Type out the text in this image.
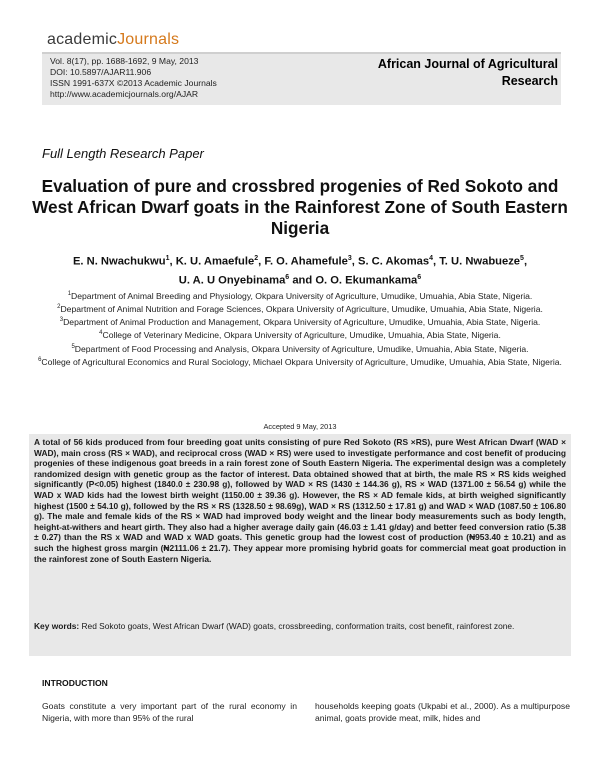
academicJournals
Vol. 8(17), pp. 1688-1692, 9 May, 2013
DOI: 10.5897/AJAR11.906
ISSN 1991-637X ©2013 Academic Journals
http://www.academicjournals.org/AJAR
African Journal of Agricultural
Research
Full Length Research Paper
Evaluation of pure and crossbred progenies of Red Sokoto and West African Dwarf goats in the Rainforest Zone of South Eastern Nigeria
E. N. Nwachukwu$^1$, K. U. Amaefule$^2$, F. O. Ahamefule$^3$, S. C. Akomas$^4$, T. U. Nwabueze$^5$,
U. A. U Onyebinama$^6$ and O. O. Ekumankama$^6$
$^1$Department of Animal Breeding and Physiology, Okpara University of Agriculture, Umudike, Umuahia, Abia State, Nigeria.
$^2$Department of Animal Nutrition and Forage Sciences, Okpara University of Agriculture, Umudike, Umuahia, Abia State, Nigeria.
$^3$Department of Animal Production and Management, Okpara University of Agriculture, Umudike, Umuahia, Abia State, Nigeria.
$^4$College of Veterinary Medicine, Okpara University of Agriculture, Umudike, Umuahia, Abia State, Nigeria.
$^5$Department of Food Processing and Analysis, Okpara University of Agriculture, Umudike, Umuahia, Abia State, Nigeria.
$^6$College of Agricultural Economics and Rural Sociology, Michael Okpara University of Agriculture, Umudike, Umuahia, Abia State, Nigeria.
Accepted 9 May, 2013
A total of 56 kids produced from four breeding goat units consisting of pure Red Sokoto (RS ×RS), pure West African Dwarf (WAD × WAD), main cross (RS × WAD), and reciprocal cross (WAD × RS) were used to investigate performance and cost benefit of producing progenies of these indigenous goat breeds in a rain forest zone of South Eastern Nigeria. The experimental design was a completely randomized design with genetic group as the factor of interest. Data obtained showed that at birth, the male RS × RS kids weighed significantly (P<0.05) highest (1840.0 ± 230.98 g), followed by WAD × RS (1430 ± 144.36 g), RS × WAD (1371.00 ± 56.54 g) while the WAD x WAD kids had the lowest birth weight (1150.00 ± 39.36 g). However, the RS × AD female kids, at birth weighed significantly highest (1500 ± 54.10 g), followed by the RS × RS (1328.50 ± 98.69g), WAD × RS (1312.50 ± 17.81 g) and WAD × WAD (1087.50 ± 106.80 g). The male and female kids of the RS × WAD had improved body weight and the linear body measurements such as body length, height-at-withers and heart girth. They also had a higher average daily gain (46.03 ± 1.41 g/day) and better feed conversion ratio (5.38 ± 0.27) than the RS x WAD and WAD x WAD goats. This genetic group had the lowest cost of production (₦953.40 ± 10.21) and as such the highest gross margin (₦2111.06 ± 21.7). They appear more promising hybrid goats for commercial meat goat production in the rainforest zone of South Eastern Nigeria.
Key words: Red Sokoto goats, West African Dwarf (WAD) goats, crossbreeding, conformation traits, cost benefit, rainforest zone.
INTRODUCTION
Goats constitute a very important part of the rural economy in Nigeria, with more than 95% of the rural
households keeping goats (Ukpabi et al., 2000). As a multipurpose animal, goats provide meat, milk, hides and
